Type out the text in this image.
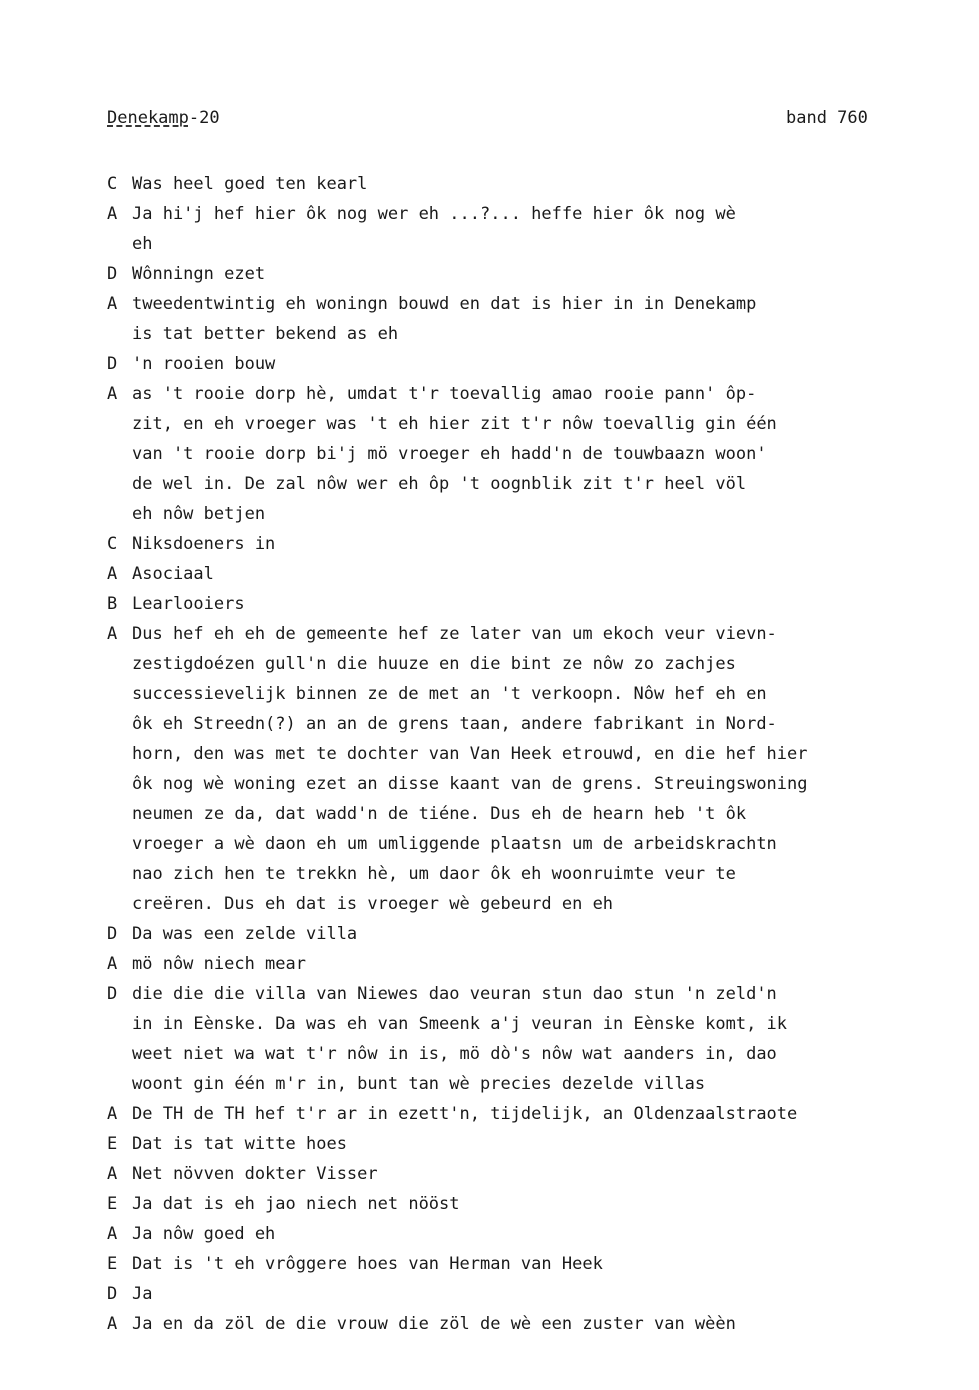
Denekamp-20	band 760
C Was heel goed ten kearl
A Ja hi'j hef hier ôk nog wer eh ...?... heffe hier ôk nog wè
eh
D Wônningn ezet
A tweedentwintig eh woningn bouwd en dat is hier in in Denekamp
is tat better bekend as eh
D 'n rooien bouw
A as 't rooie dorp hè, umdat t'r toevallig amao rooie pann' ôp-
zit, en eh vroeger was 't eh hier zit t'r nôw toevallig gin één
van 't rooie dorp bi'j mö vroeger eh hadd'n de touwbaazn woon'
de wel in. De zal nôw wer eh ôp 't oognblik zit t'r heel völ
eh nôw betjen
C Niksdoeners in
A Asociaal
B Learlooiers
A Dus hef eh eh de gemeente hef ze later van um ekoch veur vievn-
zestigdoézen gull'n die huuze en die bint ze nôw zo zachjes
successievelijk binnen ze de met an 't verkoopn. Nôw hef eh en
ôk eh Streedn(?) an an de grens taan, andere fabrikant in Nord-
horn, den was met te dochter van Van Heek etrouwd, en die hef hier
ôk nog wè woning ezet an disse kaant van de grens. Streuingswoning
neumen ze da, dat wadd'n de tiéne. Dus eh de hearn heb 't ôk
vroeger a wè daon eh um umliggende plaatsn um de arbeidskrachtn
nao zich hen te trekkn hè, um daor ôk eh woonruimte veur te
creëren. Dus eh dat is vroeger wè gebeurd en eh
D Da was een zelde villa
A mö nôw niech mear
D die die die villa van Niewes dao veuran stun dao stun 'n zeld'n
in in Eènske. Da was eh van Smeenk a'j veuran in Eènske komt, ik
weet niet wa wat t'r nôw in is, mö dò's nôw wat aanders in, dao
woont gin één m'r in, bunt tan wè precies dezelde villas
A De TH de TH hef t'r ar in ezett'n, tijdelijk, an Oldenzaalstraote
E Dat is tat witte hoes
A Net növven dokter Visser
E Ja dat is eh jao niech net nööst
A Ja nôw goed eh
E Dat is 't eh vrôggere hoes van Herman van Heek
D Ja
A Ja en da zöl de die vrouw die zöl de wè een zuster van wèèn
